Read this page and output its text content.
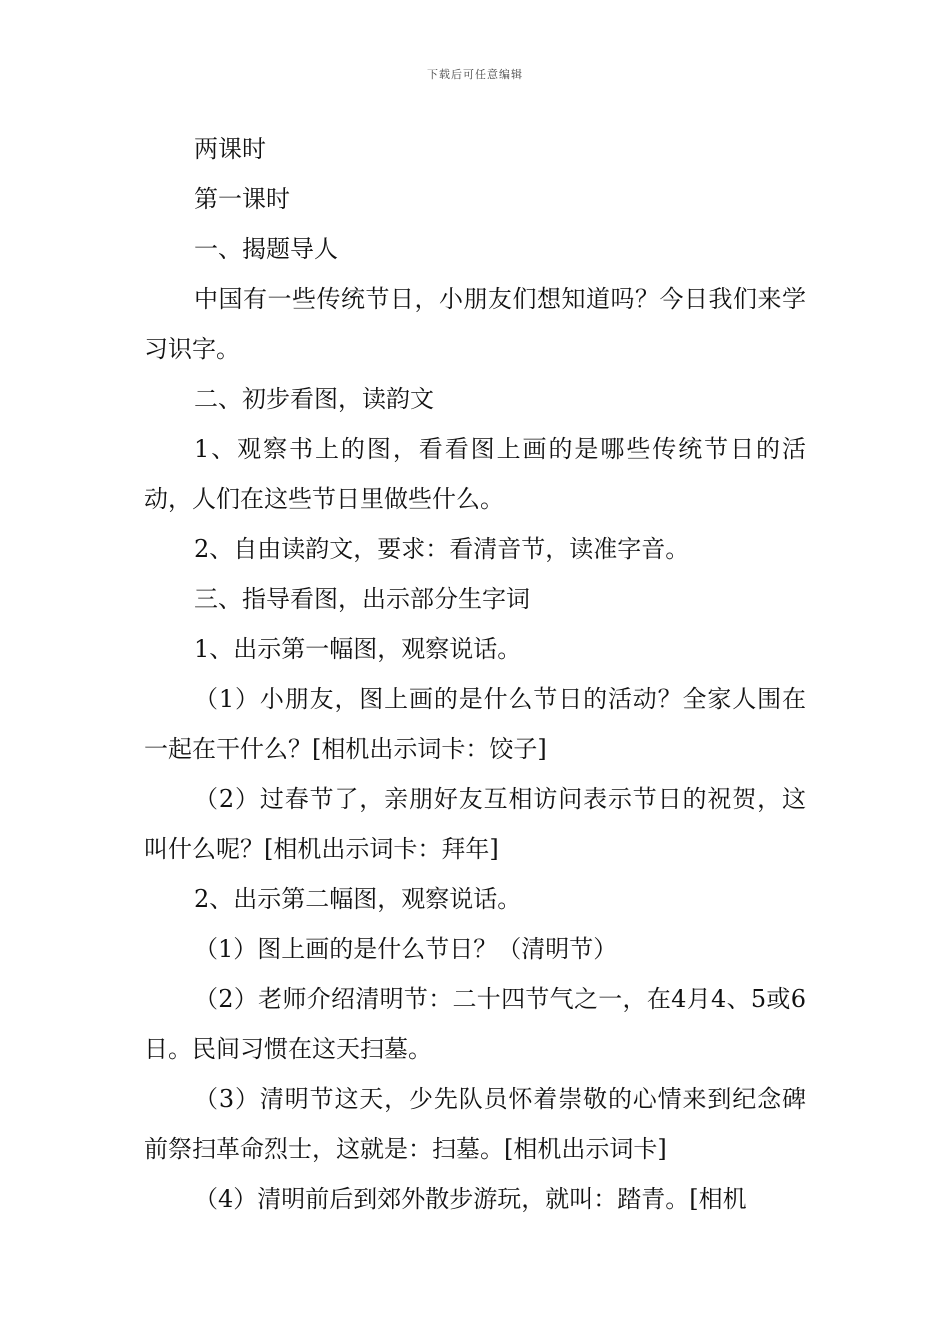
下载后可任意编辑

两课时

第一课时

一、揭题导人

中国有一些传统节日，小朋友们想知道吗？今日我们来学习识字。

二、初步看图，读韵文

1、观察书上的图，看看图上画的是哪些传统节日的活动，人们在这些节日里做些什么。

2、自由读韵文，要求：看清音节，读准字音。

三、指导看图，出示部分生字词

1、出示第一幅图，观察说话。

（1）小朋友，图上画的是什么节日的活动？全家人围在一起在干什么？[相机出示词卡：饺子]

（2）过春节了，亲朋好友互相访问表示节日的祝贺，这叫什么呢？[相机出示词卡：拜年]

2、出示第二幅图，观察说话。

（1）图上画的是什么节日？（清明节）

（2）老师介绍清明节：二十四节气之一，在4月4、5或6日。民间习惯在这天扫墓。

（3）清明节这天，少先队员怀着崇敬的心情来到纪念碑前祭扫革命烈士，这就是：扫墓。[相机出示词卡]

（4）清明前后到郊外散步游玩，就叫：踏青。[相机
